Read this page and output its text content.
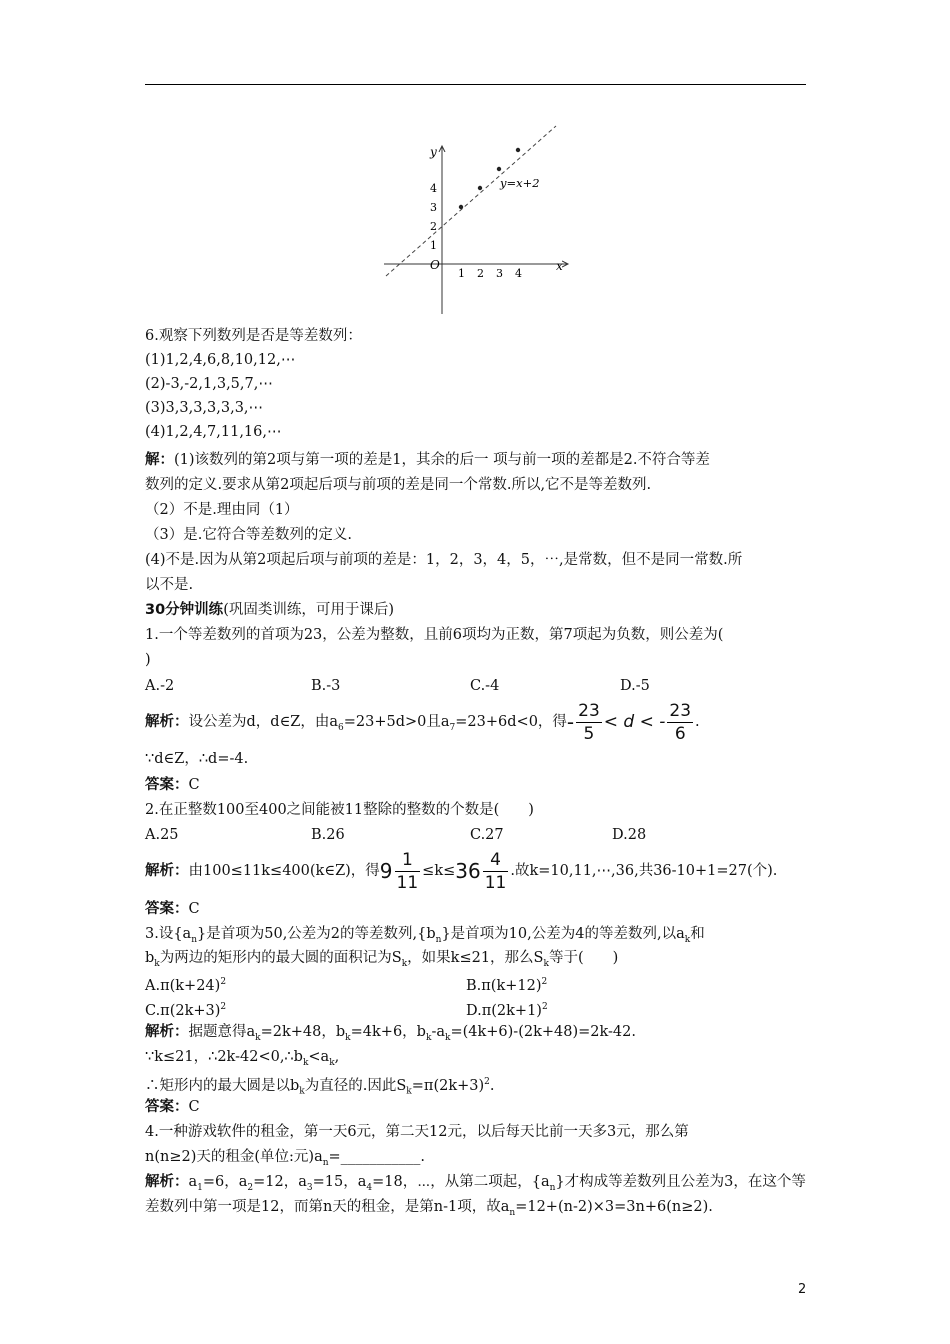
1 2 3 4
1
2
3
4
y
x
O
y=x+2
6.观察下列数列是否是等差数列：
(1)1,2,4,6,8,10,12,⋯
(2)-3,-2,1,3,5,7,⋯
(3)3,3,3,3,3,3,⋯
(4)1,2,4,7,11,16,⋯
解：(1)该数列的第2项与第一项的差是1，其余的后一 项与前一项的差都是2.不符合等差
数列的定义.要求从第2项起后项与前项的差是同一个常数.所以,它不是等差数列.
（2）不是.理由同（1）
（3）是.它符合等差数列的定义.
(4)不是.因为从第2项起后项与前项的差是：1，2，3，4，5，⋯,是常数，但不是同一常数.所
以不是.
30分钟训练(巩固类训练，可用于课后)
1.一个等差数列的首项为23，公差为整数，且前6项均为正数，第7项起为负数，则公差为(
)
A.-2	B.-3	C.-4	D.-5
解析：设公差为d，d∈Z，由$a_6=23+5d>0$且$a_7=23+6d<0$，得- $\frac{23}{5} < d$ < - $\frac{23}{6}$ .
∵d∈Z，∴d=-4.
答案：C
2.在正整数100至400之间能被11整除的整数的个数是(　　)
A.25	B.26	C.27	D.28
解析：由100≤11k≤400(k∈Z)，得$9 \frac{1}{11} \le k\le 36 \frac{4}{11}$ .故k=10,11,⋯,36,共36-10+1=27(个).
答案：C
3.设$\{a_n\}$是首项为50,公差为2的等差数列$,\{b_n\}$是首项为10,公差为4的等差数列,以$a_k$和
$b_k$为两边的矩形内的最大圆的面积记为$S_k$，如果k≤21，那么$S_k$等于(　　)
$A.\pi(k+24)^2$	$B.\pi(k+12)^2$
$C.\pi(2k+3)^2$	$D.\pi(2k+1)^2$
解析：据题意得$a_k=2k+48$，$b_k=4k+6$，$b_k-a_k=(4k+6)-(2k+48)=2k-42$.
∵k≤21，$\therefore 2k-42<0,\therefore b_k<a_k$,
∴矩形内的最大圆是以$b_k$为直径的.因此$S_k=\pi(2k+3)^2$.
答案：C
4.一种游戏软件的租金，第一天6元，第二天12元，以后每天比前一天多3元，那么第
n(n≥2)天的租金(单位:元)$a_n=\_\_\_\_\_\_\_\_\_\_\_$.
解析：$a_1=6$，$a_2=12$，$a_3=15$，$a_4=18$，⋯，从第二项起，$\{a_n\}$才构成等差数列且公差为3，在这个等
差数列中第一项是12，而第n天的租金，是第n-1项，故$a_n=12+(n-2)\times 3=3n+6(n\ge 2)$.
2
